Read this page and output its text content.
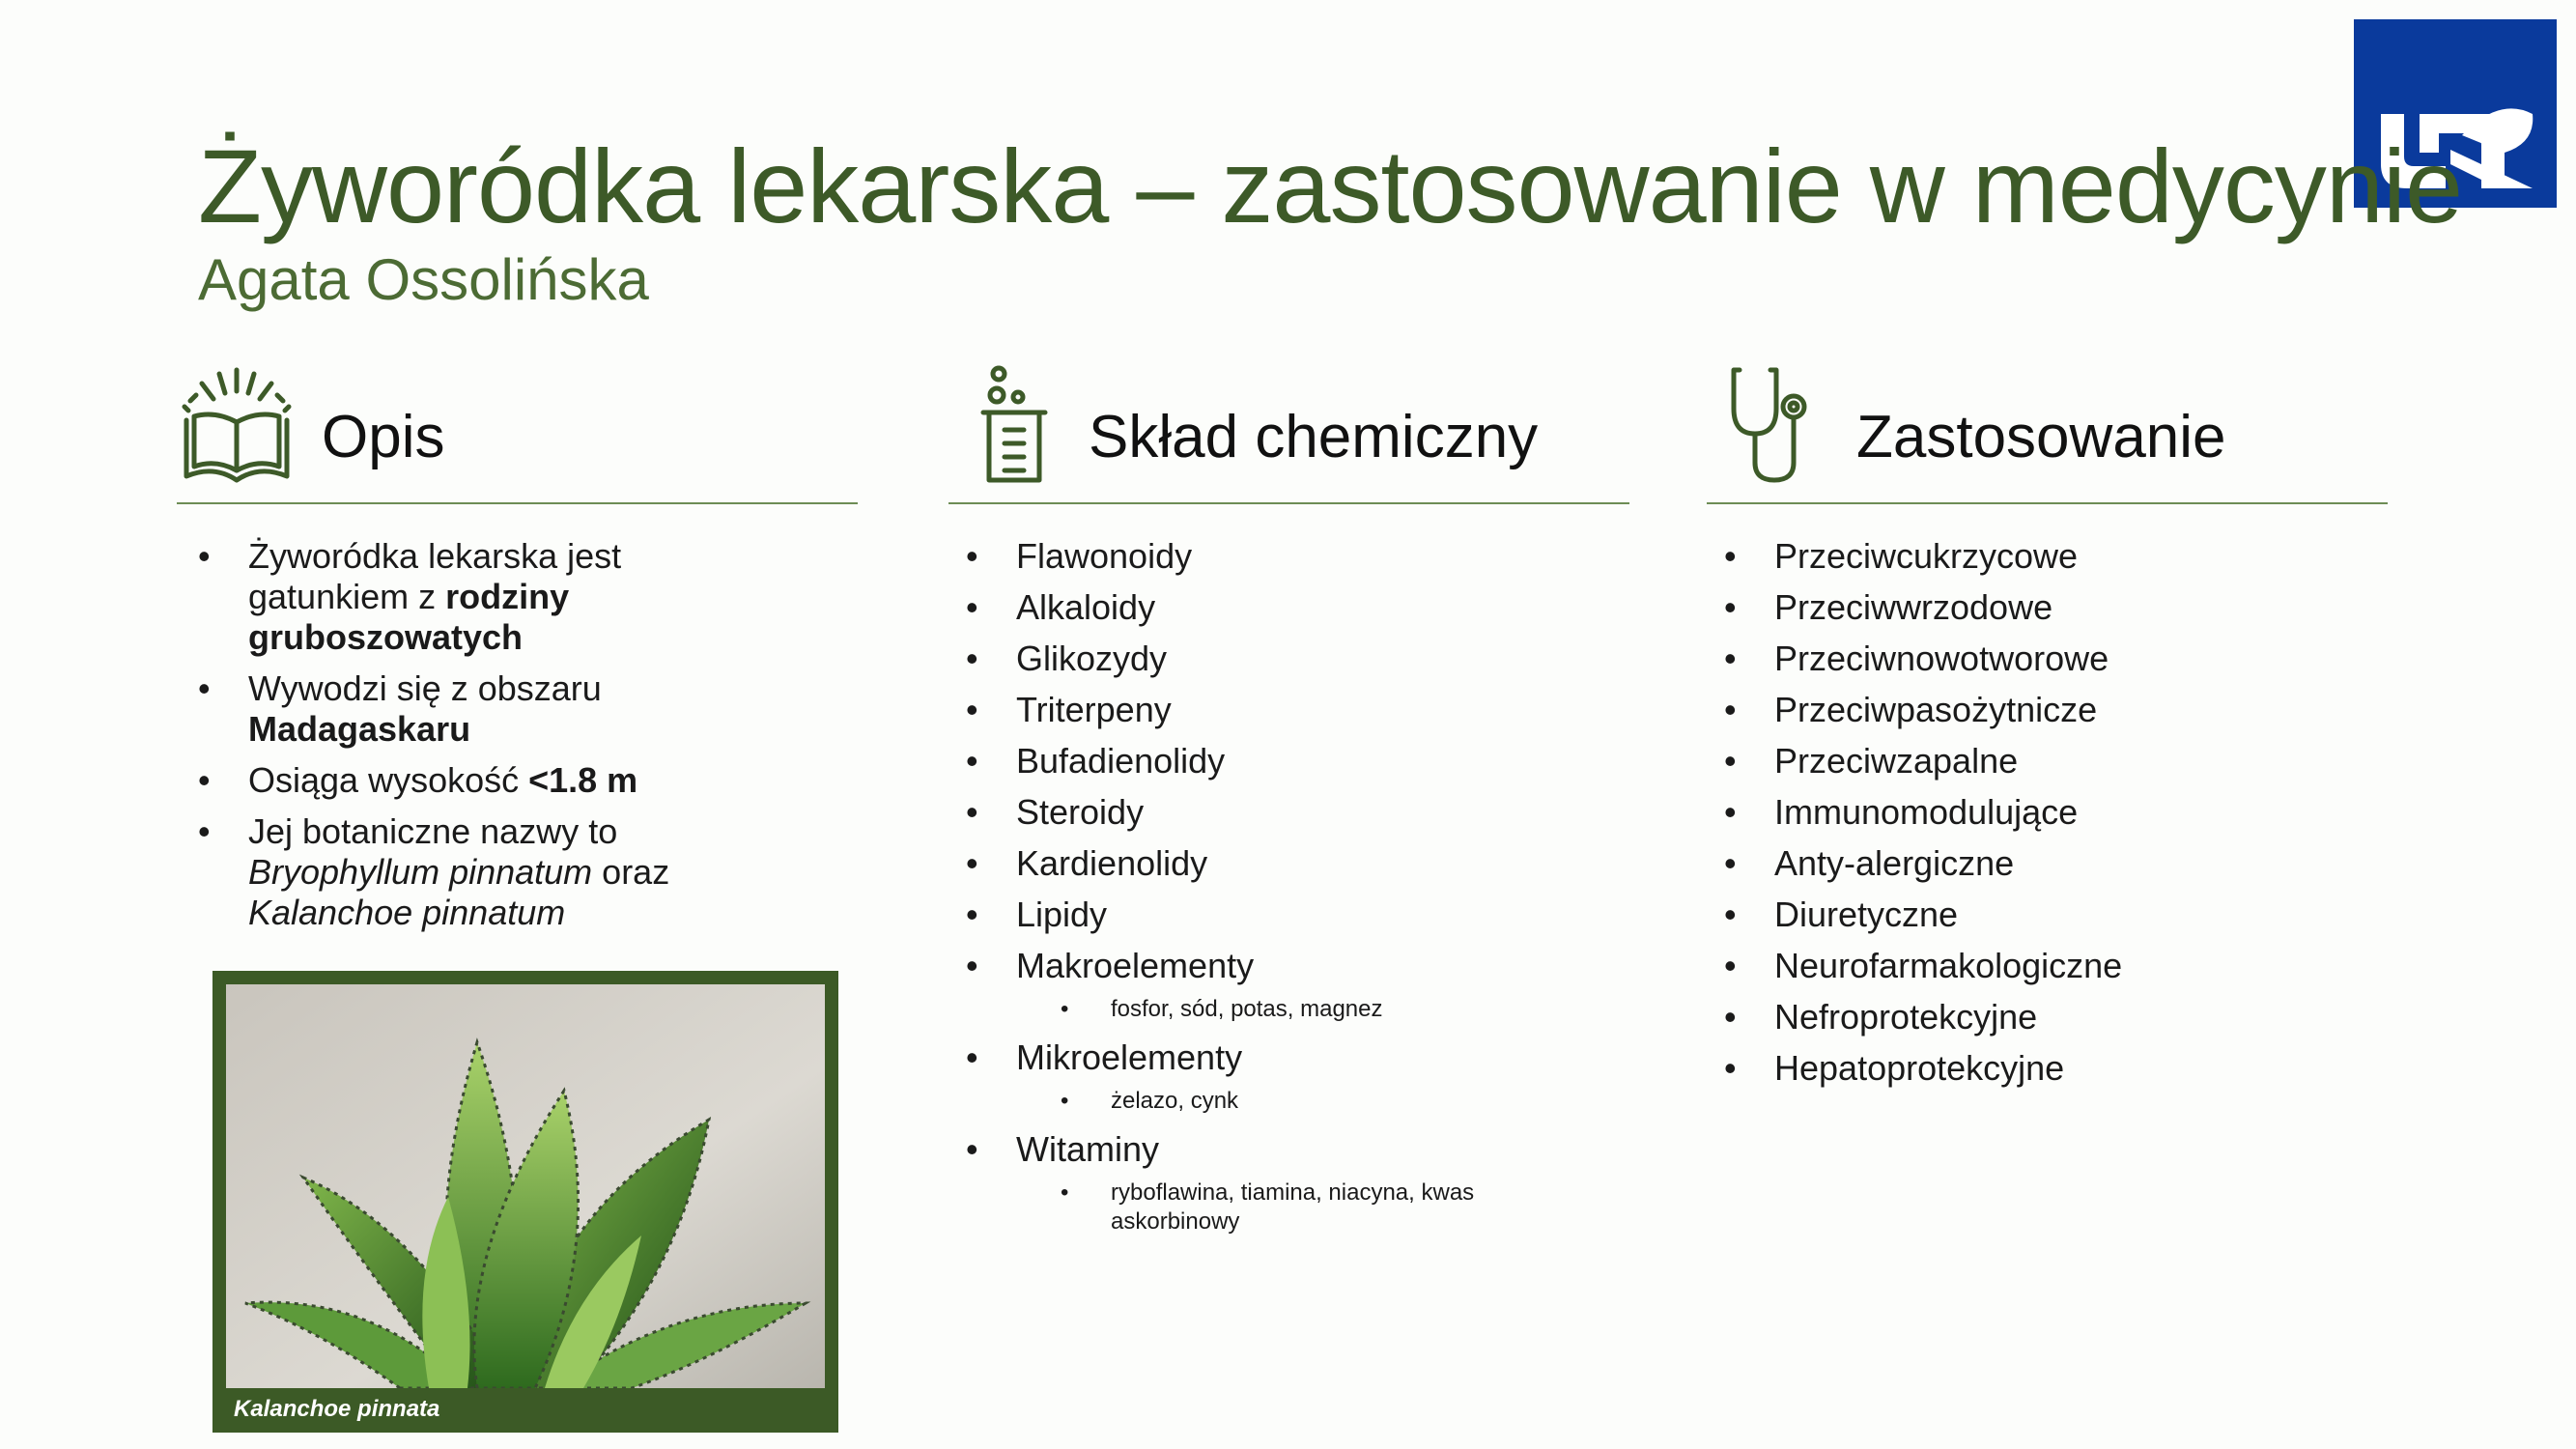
Żyworódka lekarska – zastosowanie w medycynie
Agata Ossolińska
Opis	Skład chemiczny	Zastosowanie
• Żyworódka lekarska jest gatunkiem z rodziny gruboszowatych
• Wywodzi się z obszaru Madagaskaru
• Osiąga wysokość <1.8 m
• Jej botaniczne nazwy to Bryophyllum pinnatum oraz Kalanchoe pinnatum
Kalanchoe pinnata
• Flawonoidy
• Alkaloidy
• Glikozydy
• Triterpeny
• Bufadienolidy
• Steroidy
• Kardienolidy
• Lipidy
• Makroelementy
• fosfor, sód, potas, magnez
• Mikroelementy
• żelazo, cynk
• Witaminy
• ryboflawina, tiamina, niacyna, kwas askorbinowy
• Przeciwcukrzycowe
• Przeciwwrzodowe
• Przeciwnowotworowe
• Przeciwpasożytnicze
• Przeciwzapalne
• Immunomodulujące
• Anty-alergiczne
• Diuretyczne
• Neurofarmakologiczne
• Nefroprotekcyjne
• Hepatoprotekcyjne
